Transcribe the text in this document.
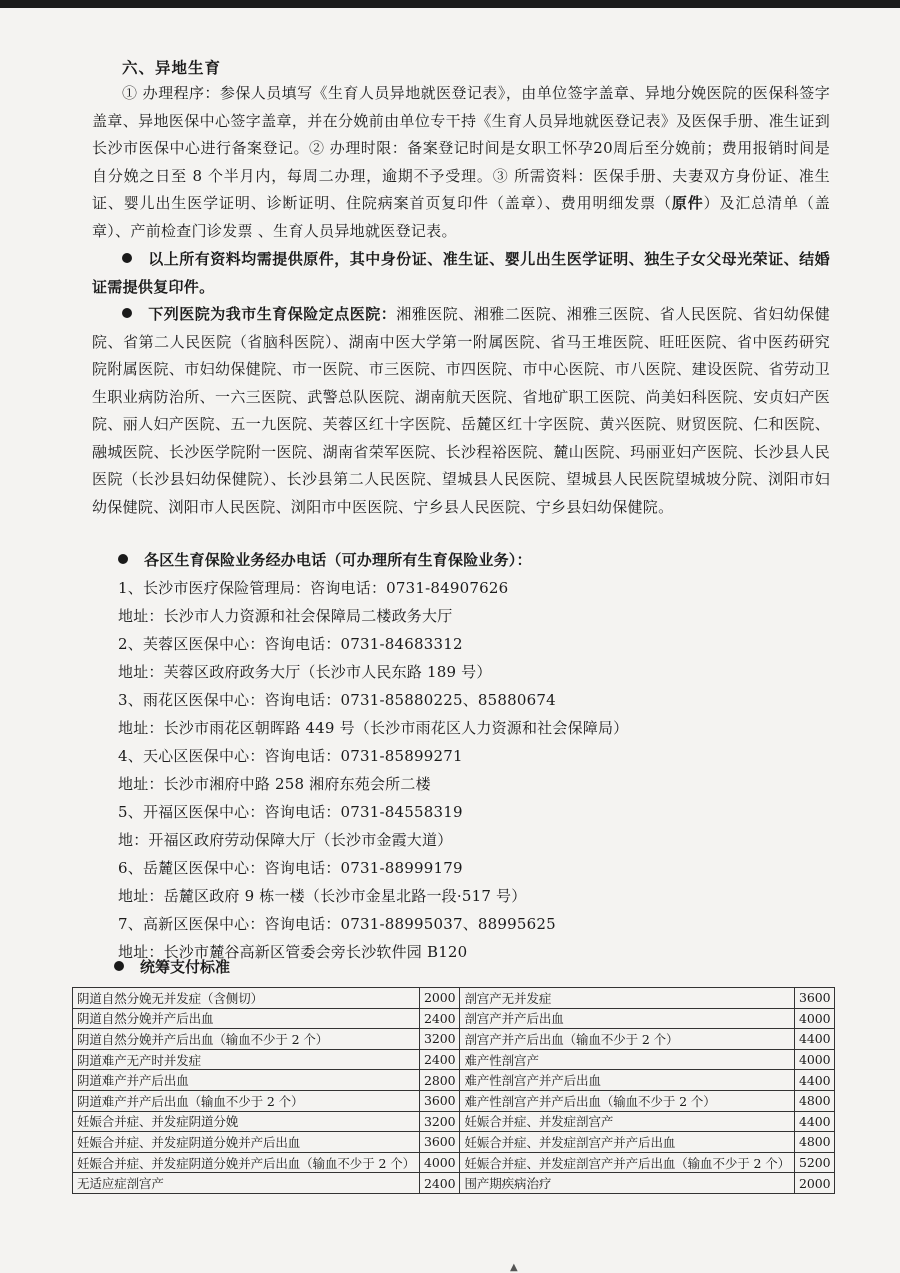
六、异地生育
① 办理程序：参保人员填写《生育人员异地就医登记表》，由单位签字盖章、异地分娩医院的医保科签字盖章、异地医保中心签字盖章，并在分娩前由单位专干持《生育人员异地就医登记表》及医保手册、准生证到长沙市医保中心进行备案登记。② 办理时限：备案登记时间是女职工怀孕20周后至分娩前；费用报销时间是自分娩之日至 8 个半月内，每周二办理，逾期不予受理。③ 所需资料：医保手册、夫妻双方身份证、准生证、婴儿出生医学证明、诊断证明、住院病案首页复印件（盖章）、费用明细发票（原件）及汇总清单（盖章）、产前检查门诊发票 、生育人员异地就医登记表。
以上所有资料均需提供原件，其中身份证、准生证、婴儿出生医学证明、独生子女父母光荣证、结婚证需提供复印件。
下列医院为我市生育保险定点医院：湘雅医院、湘雅二医院、湘雅三医院、省人民医院、省妇幼保健院、省第二人民医院（省脑科医院）、湖南中医大学第一附属医院、省马王堆医院、旺旺医院、省中医药研究院附属医院、市妇幼保健院、市一医院、市三医院、市四医院、市中心医院、市八医院、建设医院、省劳动卫生职业病防治所、一六三医院、武警总队医院、湖南航天医院、省地矿职工医院、尚美妇科医院、安贞妇产医院、丽人妇产医院、五一九医院、芙蓉区红十字医院、岳麓区红十字医院、黄兴医院、财贸医院、仁和医院、融城医院、长沙医学院附一医院、湖南省荣军医院、长沙程裕医院、麓山医院、玛丽亚妇产医院、长沙县人民医院（长沙县妇幼保健院）、长沙县第二人民医院、望城县人民医院、望城县人民医院望城坡分院、浏阳市妇幼保健院、浏阳市人民医院、浏阳市中医医院、宁乡县人民医院、宁乡县妇幼保健院。
各区生育保险业务经办电话（可办理所有生育保险业务）：
1、长沙市医疗保险管理局：咨询电话：0731-84907626
地址：长沙市人力资源和社会保障局二楼政务大厅
2、芙蓉区医保中心：咨询电话：0731-84683312
地址：芙蓉区政府政务大厅（长沙市人民东路 189 号）
3、雨花区医保中心：咨询电话：0731-85880225、85880674
地址：长沙市雨花区朝晖路 449 号（长沙市雨花区人力资源和社会保障局）
4、天心区医保中心：咨询电话：0731-85899271
地址：长沙市湘府中路 258 湘府东苑会所二楼
5、开福区医保中心：咨询电话：0731-84558319
地：开福区政府劳动保障大厅（长沙市金霞大道）
6、岳麓区医保中心：咨询电话：0731-88999179
地址：岳麓区政府 9 栋一楼（长沙市金星北路一段·517 号）
7、高新区医保中心：咨询电话：0731-88995037、88995625
地址：长沙市麓谷高新区管委会旁长沙软件园 B120
统筹支付标准
阴道自然分娩无并发症（含侧切）	2000	剖宫产无并发症	3600
阴道自然分娩并产后出血	2400	剖宫产并产后出血	4000
阴道自然分娩并产后出血（输血不少于 2 个）	3200	剖宫产并产后出血（输血不少于 2 个）	4400
阴道难产无产时并发症	2400	难产性剖宫产	4000
阴道难产并产后出血	2800	难产性剖宫产并产后出血	4400
阴道难产并产后出血（输血不少于 2 个）	3600	难产性剖宫产并产后出血（输血不少于 2 个）	4800
妊娠合并症、并发症阴道分娩	3200	妊娠合并症、并发症剖宫产	4400
妊娠合并症、并发症阴道分娩并产后出血	3600	妊娠合并症、并发症剖宫产并产后出血	4800
妊娠合并症、并发症阴道分娩并产后出血（输血不少于 2 个）	4000	妊娠合并症、并发症剖宫产并产后出血（输血不少于 2 个）	5200
无适应症剖宫产	2400	围产期疾病治疗	2000
▲
